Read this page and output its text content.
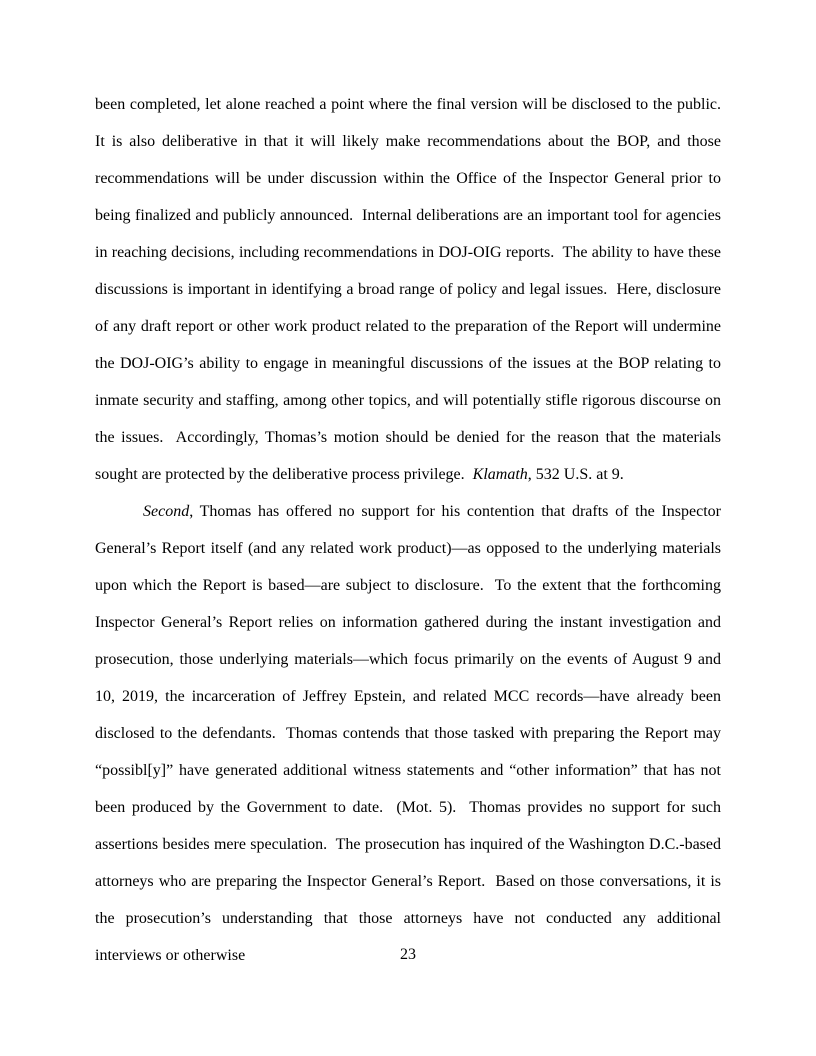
been completed, let alone reached a point where the final version will be disclosed to the public.  It is also deliberative in that it will likely make recommendations about the BOP, and those recommendations will be under discussion within the Office of the Inspector General prior to being finalized and publicly announced.  Internal deliberations are an important tool for agencies in reaching decisions, including recommendations in DOJ-OIG reports.  The ability to have these discussions is important in identifying a broad range of policy and legal issues.  Here, disclosure of any draft report or other work product related to the preparation of the Report will undermine the DOJ-OIG’s ability to engage in meaningful discussions of the issues at the BOP relating to inmate security and staffing, among other topics, and will potentially stifle rigorous discourse on the issues.  Accordingly, Thomas’s motion should be denied for the reason that the materials sought are protected by the deliberative process privilege.  Klamath, 532 U.S. at 9.

Second, Thomas has offered no support for his contention that drafts of the Inspector General’s Report itself (and any related work product)—as opposed to the underlying materials upon which the Report is based—are subject to disclosure.  To the extent that the forthcoming Inspector General’s Report relies on information gathered during the instant investigation and prosecution, those underlying materials—which focus primarily on the events of August 9 and 10, 2019, the incarceration of Jeffrey Epstein, and related MCC records—have already been disclosed to the defendants.  Thomas contends that those tasked with preparing the Report may “possibl[y]” have generated additional witness statements and “other information” that has not been produced by the Government to date.  (Mot. 5).  Thomas provides no support for such assertions besides mere speculation.  The prosecution has inquired of the Washington D.C.-based attorneys who are preparing the Inspector General’s Report.  Based on those conversations, it is the prosecution’s understanding that those attorneys have not conducted any additional interviews or otherwise	23
